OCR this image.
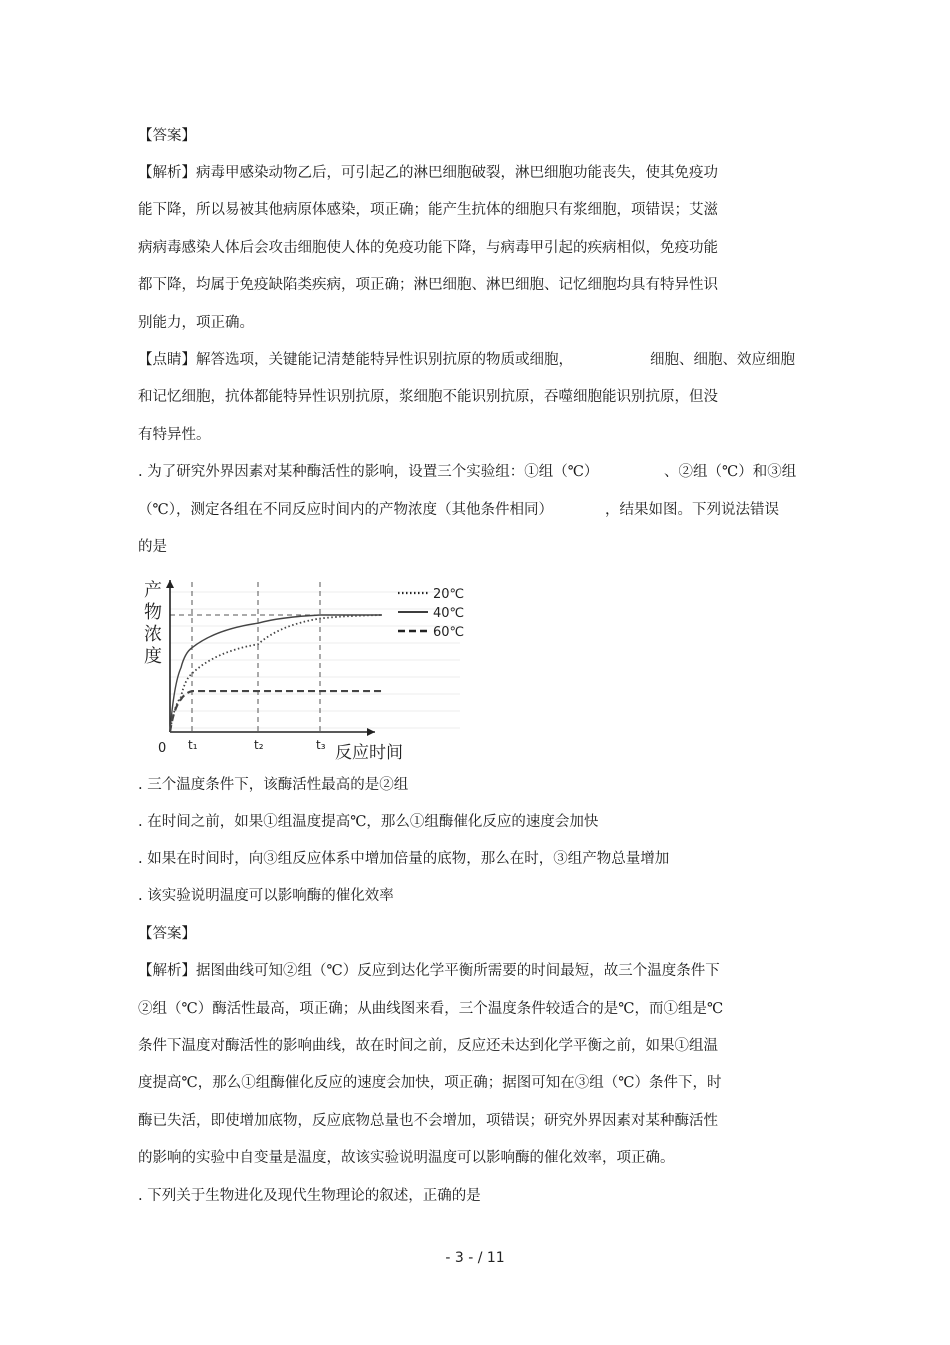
【答案】
【解析】病毒甲感染动物乙后，可引起乙的淋巴细胞破裂，淋巴细胞功能丧失，使其免疫功
能下降，所以易被其他病原体感染，项正确；能产生抗体的细胞只有浆细胞，项错误；艾滋
病病毒感染人体后会攻击细胞使人体的免疫功能下降，与病毒甲引起的疾病相似，免疫功能
都下降，均属于免疫缺陷类疾病，项正确；淋巴细胞、淋巴细胞、记忆细胞均具有特异性识
别能力，项正确。
【点睛】解答选项，关键能记清楚能特异性识别抗原的物质或细胞，	细胞、细胞、效应细胞
和记忆细胞，抗体都能特异性识别抗原，浆细胞不能识别抗原，吞噬细胞能识别抗原，但没
有特异性。
. 为了研究外界因素对某种酶活性的影响，设置三个实验组：①组（℃）	、②组（℃）和③组
（℃），测定各组在不同反应时间内的产物浓度（其他条件相同）	，结果如图。下列说法错误
的是
t₁	t₂	t₃
20℃
40℃
60℃
产物浓度
反应时间
0
. 三个温度条件下，该酶活性最高的是②组
. 在时间之前，如果①组温度提高℃，那么①组酶催化反应的速度会加快
. 如果在时间时，向③组反应体系中增加倍量的底物，那么在时，③组产物总量增加
. 该实验说明温度可以影响酶的催化效率
【答案】
【解析】据图曲线可知②组（℃）反应到达化学平衡所需要的时间最短，故三个温度条件下
②组（℃）酶活性最高，项正确；从曲线图来看，三个温度条件较适合的是℃，而①组是℃
条件下温度对酶活性的影响曲线，故在时间之前，反应还未达到化学平衡之前，如果①组温
度提高℃，那么①组酶催化反应的速度会加快，项正确；据图可知在③组（℃）条件下，时
酶已失活，即使增加底物，反应底物总量也不会增加，项错误；研究外界因素对某种酶活性
的影响的实验中自变量是温度，故该实验说明温度可以影响酶的催化效率，项正确。
. 下列关于生物进化及现代生物理论的叙述，正确的是
- 3 - / 11
